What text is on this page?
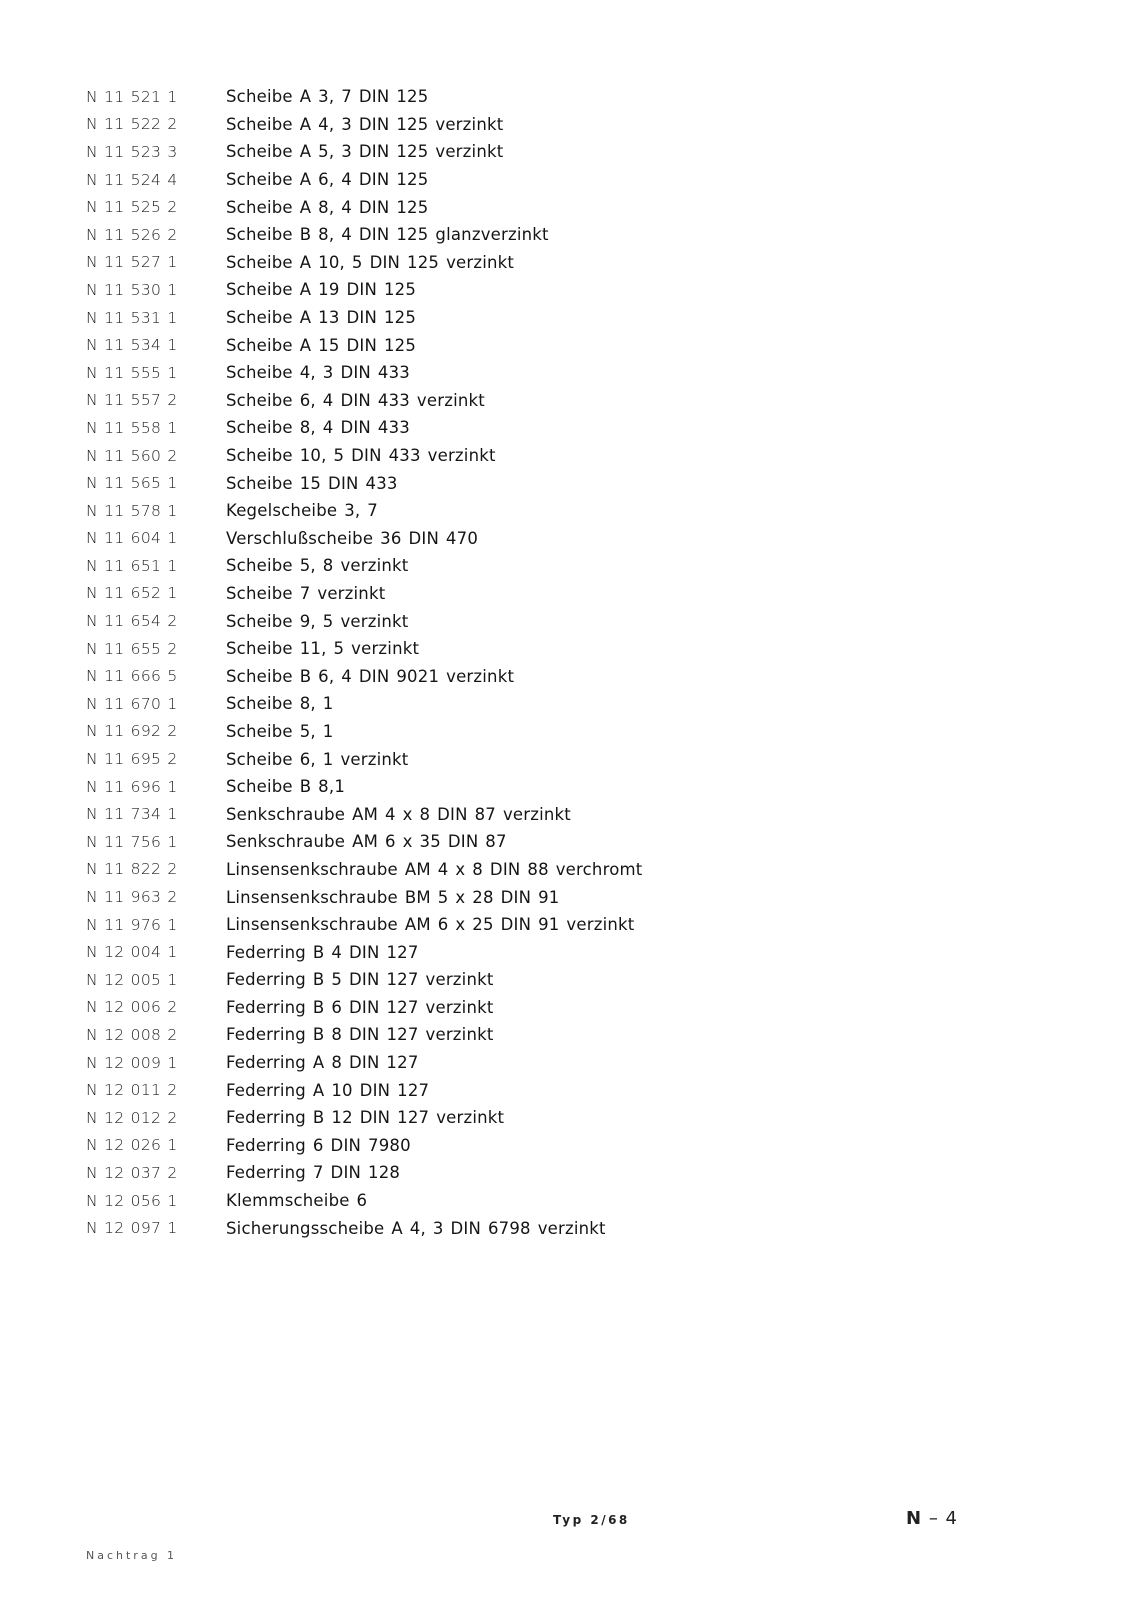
N 11 521 1	Scheibe A 3, 7 DIN 125
N 11 522 2	Scheibe A 4, 3 DIN 125 verzinkt
N 11 523 3	Scheibe A 5, 3 DIN 125 verzinkt
N 11 524 4	Scheibe A 6, 4 DIN 125
N 11 525 2	Scheibe A 8, 4 DIN 125
N 11 526 2	Scheibe B 8, 4 DIN 125 glanzverzinkt
N 11 527 1	Scheibe A 10, 5 DIN 125 verzinkt
N 11 530 1	Scheibe A 19 DIN 125
N 11 531 1	Scheibe A 13 DIN 125
N 11 534 1	Scheibe A 15 DIN 125
N 11 555 1	Scheibe 4, 3 DIN 433
N 11 557 2	Scheibe 6, 4 DIN 433 verzinkt
N 11 558 1	Scheibe 8, 4 DIN 433
N 11 560 2	Scheibe 10, 5 DIN 433 verzinkt
N 11 565 1	Scheibe 15 DIN 433
N 11 578 1	Kegelscheibe 3, 7
N 11 604 1	Verschlußscheibe 36 DIN 470
N 11 651 1	Scheibe 5, 8 verzinkt
N 11 652 1	Scheibe 7 verzinkt
N 11 654 2	Scheibe 9, 5 verzinkt
N 11 655 2	Scheibe 11, 5 verzinkt
N 11 666 5	Scheibe B 6, 4 DIN 9021 verzinkt
N 11 670 1	Scheibe 8, 1
N 11 692 2	Scheibe 5, 1
N 11 695 2	Scheibe 6, 1 verzinkt
N 11 696 1	Scheibe B 8,1
N 11 734 1	Senkschraube AM 4 x 8 DIN 87 verzinkt
N 11 756 1	Senkschraube AM 6 x 35 DIN 87
N 11 822 2	Linsensenkschraube AM 4 x 8 DIN 88 verchromt
N 11 963 2	Linsensenkschraube BM 5 x 28 DIN 91
N 11 976 1	Linsensenkschraube AM 6 x 25 DIN 91 verzinkt
N 12 004 1	Federring B 4 DIN 127
N 12 005 1	Federring B 5 DIN 127 verzinkt
N 12 006 2	Federring B 6 DIN 127 verzinkt
N 12 008 2	Federring B 8 DIN 127 verzinkt
N 12 009 1	Federring A 8 DIN 127
N 12 011 2	Federring A 10 DIN 127
N 12 012 2	Federring B 12 DIN 127 verzinkt
N 12 026 1	Federring 6 DIN 7980
N 12 037 2	Federring 7 DIN 128
N 12 056 1	Klemmscheibe 6
N 12 097 1	Sicherungsscheibe A 4, 3 DIN 6798 verzinkt
Typ 2/68	N – 4
Nachtrag 1
